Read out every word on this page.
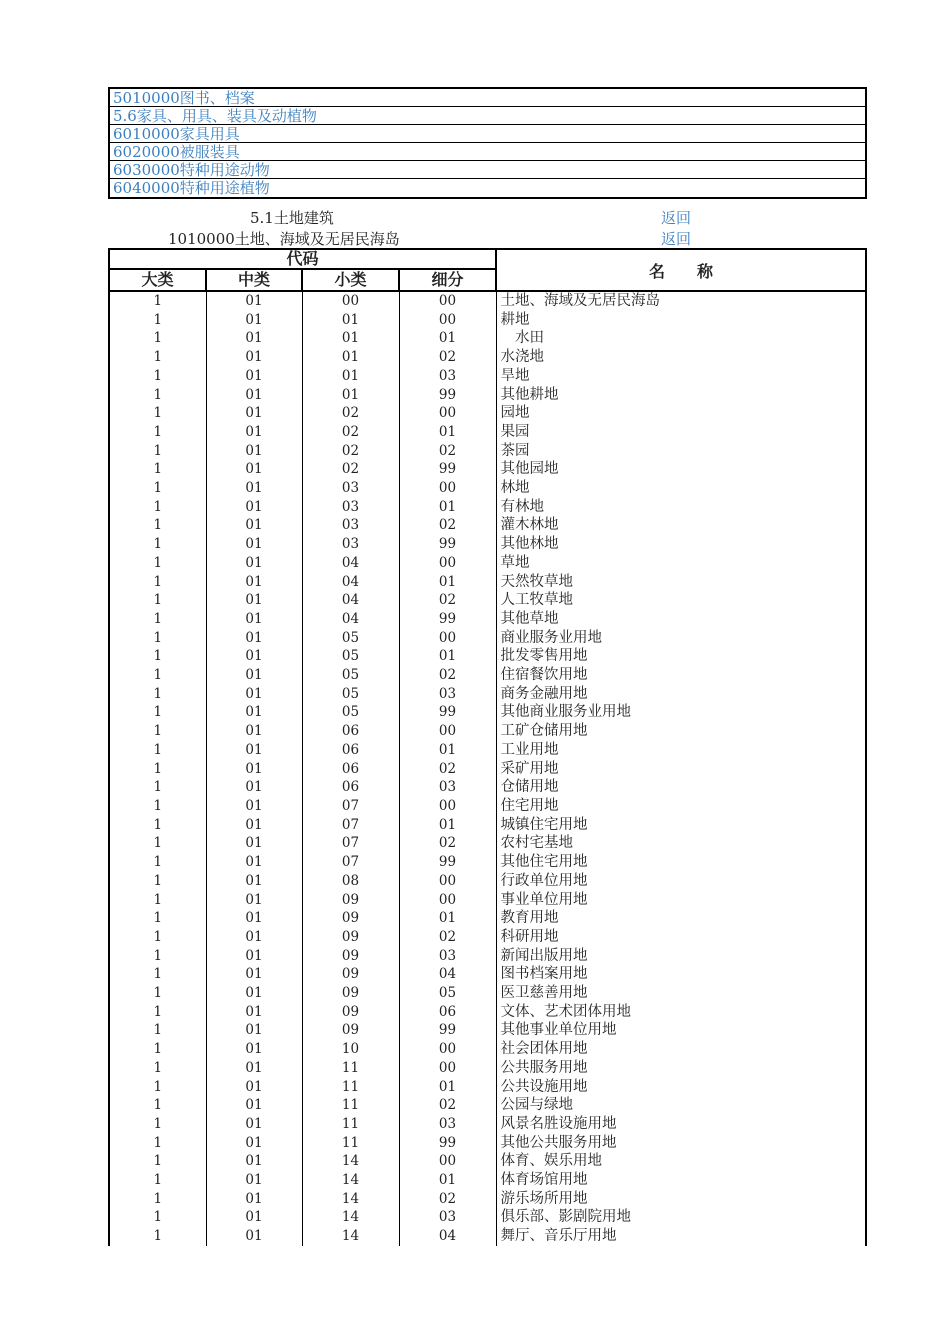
5010000图书、档案
5.6家具、用具、装具及动植物
6010000家具用具
6020000被服装具
6030000特种用途动物
6040000特种用途植物
5.1土地建筑	返回
1010000土地、海域及无居民海岛	返回
代码				名　　称
大类	中类	小类	细分	
1	01	00	00	土地、海域及无居民海岛
1	01	01	00	耕地
1	01	01	01	　水田
1	01	01	02	水浇地
1	01	01	03	旱地
1	01	01	99	其他耕地
1	01	02	00	园地
1	01	02	01	果园
1	01	02	02	茶园
1	01	02	99	其他园地
1	01	03	00	林地
1	01	03	01	有林地
1	01	03	02	灌木林地
1	01	03	99	其他林地
1	01	04	00	草地
1	01	04	01	天然牧草地
1	01	04	02	人工牧草地
1	01	04	99	其他草地
1	01	05	00	商业服务业用地
1	01	05	01	批发零售用地
1	01	05	02	住宿餐饮用地
1	01	05	03	商务金融用地
1	01	05	99	其他商业服务业用地
1	01	06	00	工矿仓储用地
1	01	06	01	工业用地
1	01	06	02	采矿用地
1	01	06	03	仓储用地
1	01	07	00	住宅用地
1	01	07	01	城镇住宅用地
1	01	07	02	农村宅基地
1	01	07	99	其他住宅用地
1	01	08	00	行政单位用地
1	01	09	00	事业单位用地
1	01	09	01	教育用地
1	01	09	02	科研用地
1	01	09	03	新闻出版用地
1	01	09	04	图书档案用地
1	01	09	05	医卫慈善用地
1	01	09	06	文体、艺术团体用地
1	01	09	99	其他事业单位用地
1	01	10	00	社会团体用地
1	01	11	00	公共服务用地
1	01	11	01	公共设施用地
1	01	11	02	公园与绿地
1	01	11	03	风景名胜设施用地
1	01	11	99	其他公共服务用地
1	01	14	00	体育、娱乐用地
1	01	14	01	体育场馆用地
1	01	14	02	游乐场所用地
1	01	14	03	俱乐部、影剧院用地
1	01	14	04	舞厅、音乐厅用地
